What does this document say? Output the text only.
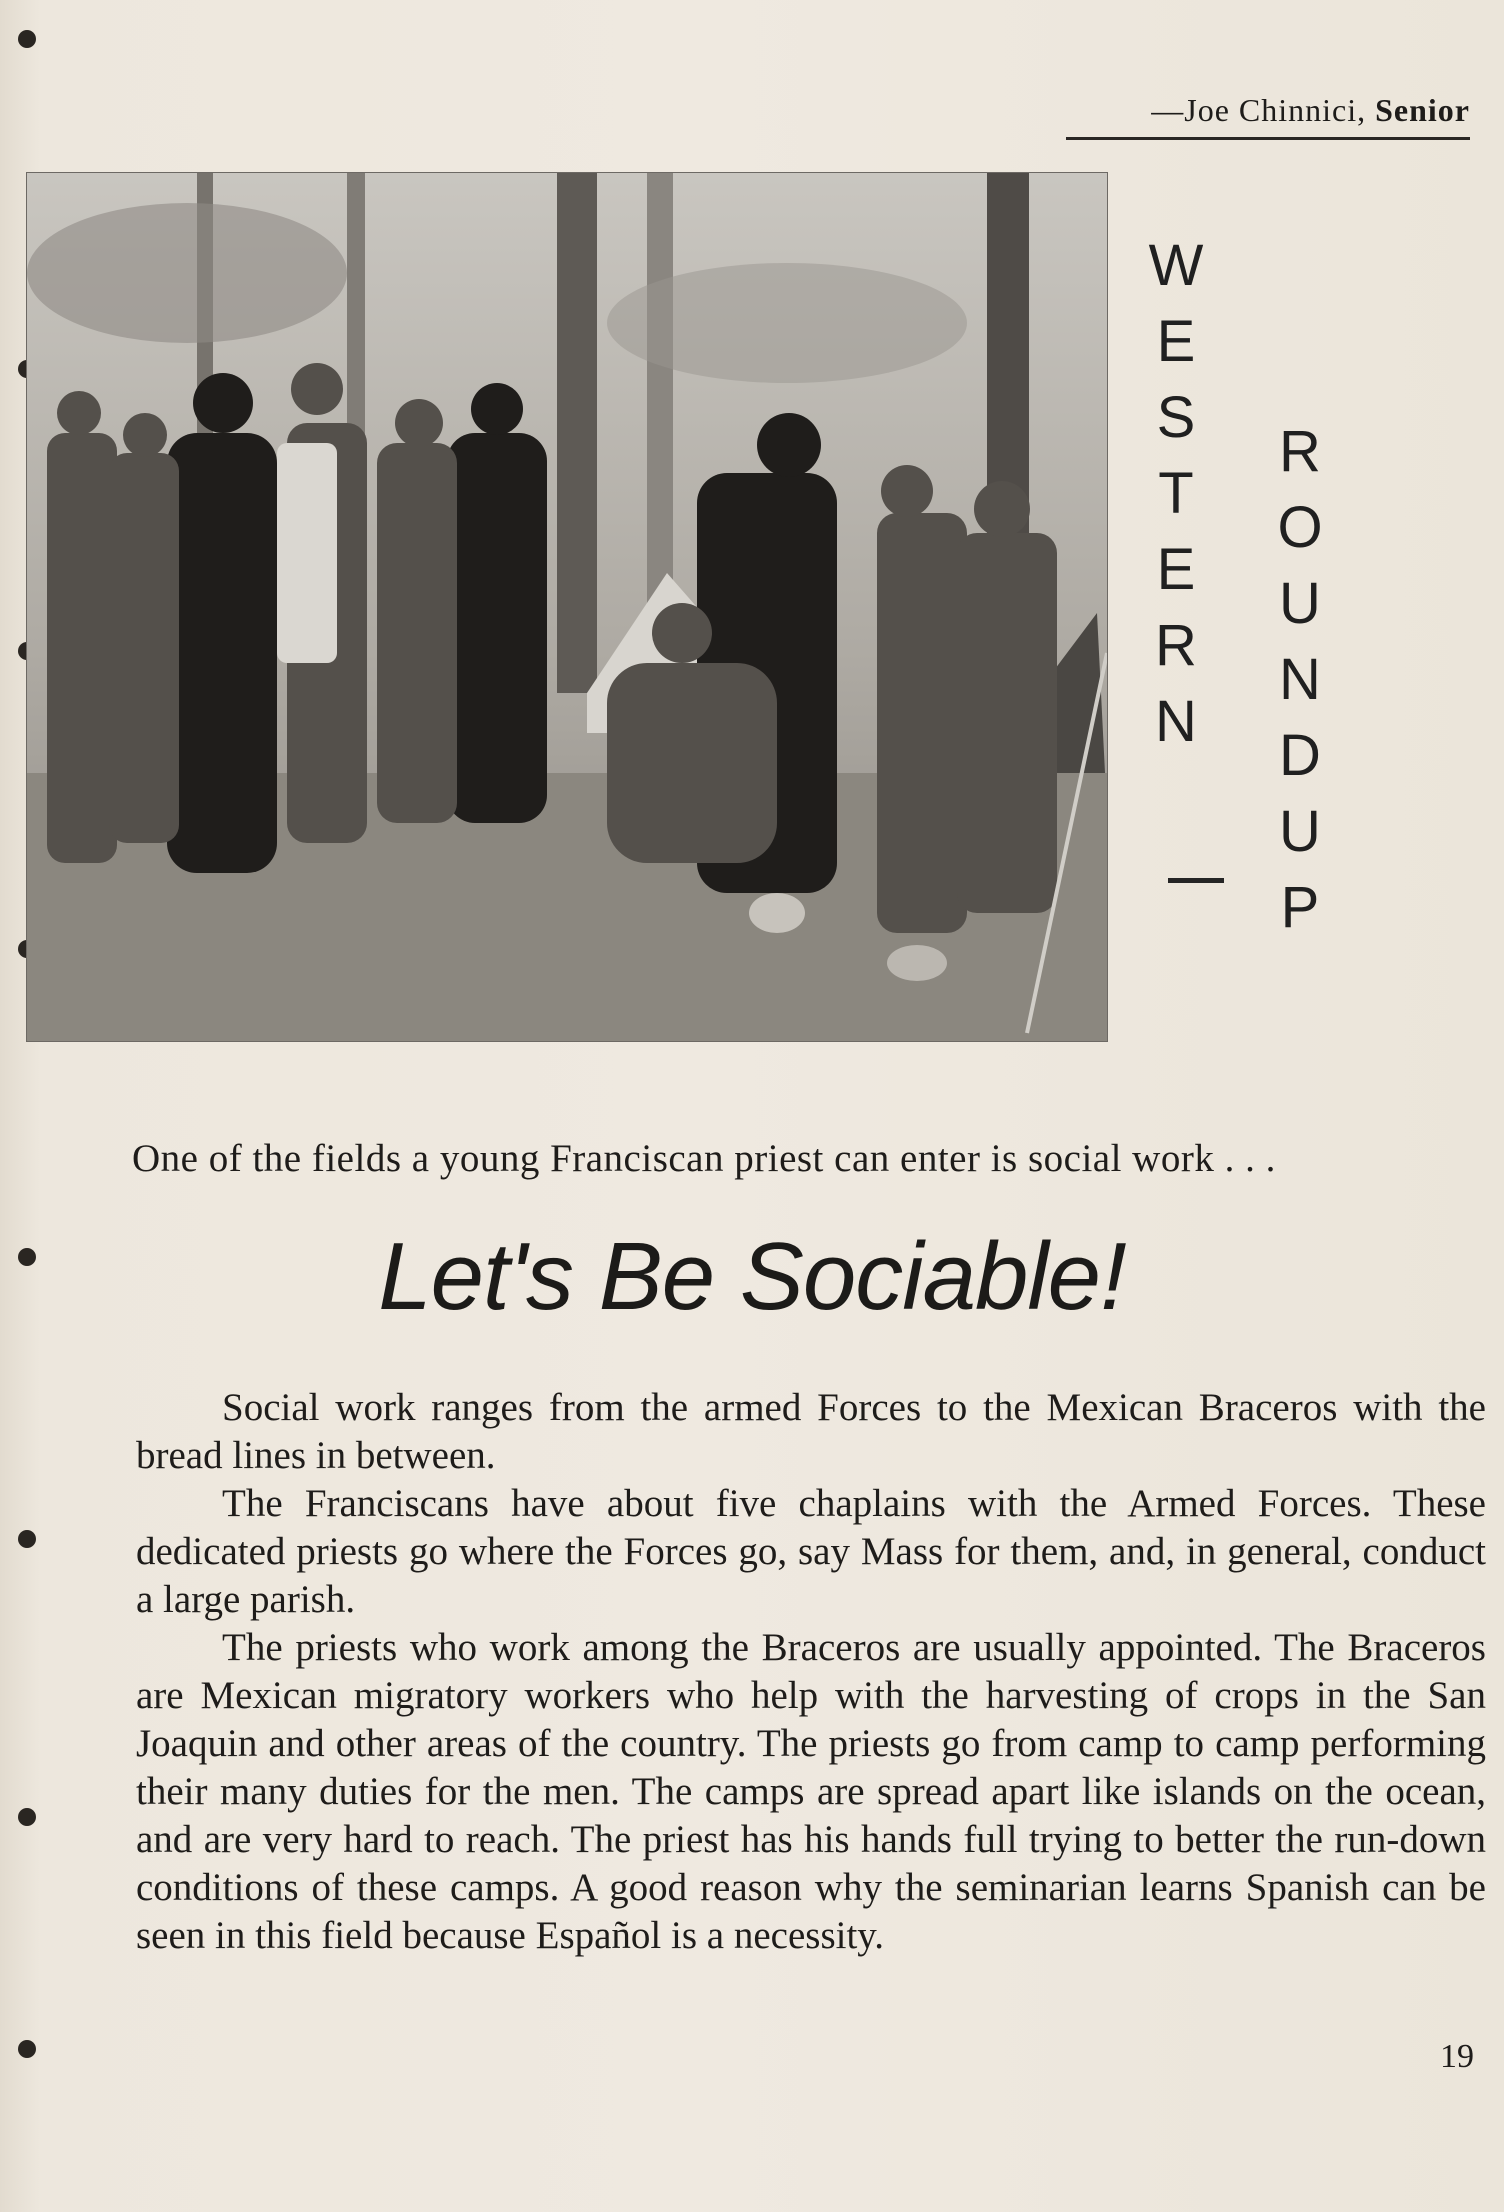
—Joe Chinnici, Senior
W
E
S
T
E
R
N
R
O
U
N
D
U
P
One of the fields a young Franciscan priest can enter is social work . . .
Let's Be Sociable!

Social work ranges from the armed Forces to the Mexican Braceros with the bread lines in between.

The Franciscans have about five chaplains with the Armed Forces. These dedicated priests go where the Forces go, say Mass for them, and, in general, conduct a large parish.

The priests who work among the Braceros are usually appointed. The Braceros are Mexican migratory workers who help with the harvesting of crops in the San Joaquin and other areas of the country. The priests go from camp to camp performing their many duties for the men. The camps are spread apart like islands on the ocean, and are very hard to reach. The priest has his hands full trying to better the run-down conditions of these camps. A good reason why the seminarian learns Spanish can be seen in this field because Español is a necessity.

19
